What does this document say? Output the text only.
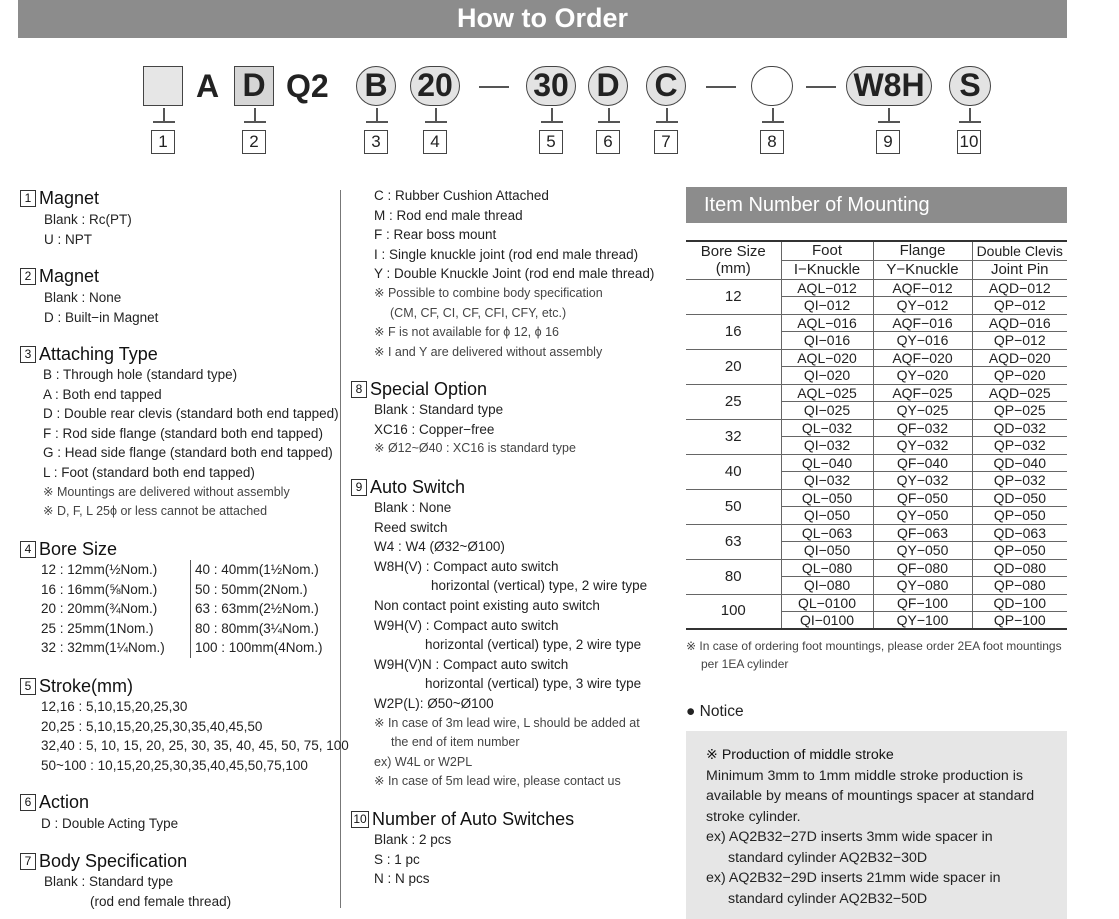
How to Order
A D Q2 B 20	30 D C	W8H	S
1	2	3	4	5	6	7	8	9	10
1 Magnet
Blank : Rc(PT)
U : NPT
2 Magnet
Blank : None
D : Built−in Magnet
3 Attaching Type
B : Through hole (standard type)
A : Both end tapped
D : Double rear clevis (standard both end tapped)
F : Rod side flange (standard both end tapped)
G : Head side flange (standard both end tapped)
L : Foot (standard both end tapped)
※ Mountings are delivered without assembly
※ D, F, L 25ϕ or less cannot be attached
4 Bore Size
12 : 12mm(½Nom.)
16 : 16mm(⅝Nom.)
20 : 20mm(¾Nom.)
25 : 25mm(1Nom.)
32 : 32mm(1¼Nom.)
40 : 40mm(1½Nom.)
50 : 50mm(2Nom.)
63 : 63mm(2½Nom.)
80 : 80mm(3¼Nom.)
100 : 100mm(4Nom.)
5 Stroke(mm)
12,16 : 5,10,15,20,25,30
20,25 : 5,10,15,20,25,30,35,40,45,50
32,40 : 5, 10, 15, 20, 25, 30, 35, 40, 45, 50, 75, 100
50~100 : 10,15,20,25,30,35,40,45,50,75,100
6 Action
D : Double Acting Type
7 Body Specification
Blank : Standard type
(rod end female thread)
C : Rubber Cushion Attached
M : Rod end male thread
F : Rear boss mount
I : Single knuckle joint (rod end male thread)
Y : Double Knuckle Joint (rod end male thread)
※ Possible to combine body specification
(CM, CF, CI, CF, CFI, CFY, etc.)
※ F is not available for ϕ 12, ϕ 16
※ I and Y are delivered without assembly
8 Special Option
Blank : Standard type
XC16 : Copper−free
※ Ø12~Ø40 : XC16 is standard type
9 Auto Switch
Blank : None
Reed switch
W4 : W4 (Ø32~Ø100)
W8H(V) : Compact auto switch
horizontal (vertical) type, 2 wire type
Non contact point existing auto switch
W9H(V) : Compact auto switch
horizontal (vertical) type, 2 wire type
W9H(V)N : Compact auto switch
horizontal (vertical) type, 3 wire type
W2P(L): Ø50~Ø100
※ In case of 3m lead wire, L should be added at
the end of item number
ex) W4L or W2PL
※ In case of 5m lead wire, please contact us
10 Number of Auto Switches
Blank : 2 pcs
S : 1 pc
N : N pcs
Item Number of Mounting
Bore Size (mm)	Foot	Flange	Double Clevis
	I−Knuckle	Y−Knuckle	Joint Pin
12	AQL−012	AQF−012	AQD−012
	QI−012	QY−012	QP−012
16	AQL−016	AQF−016	AQD−016
	QI−016	QY−016	QP−012
20	AQL−020	AQF−020	AQD−020
	QI−020	QY−020	QP−020
25	AQL−025	AQF−025	AQD−025
	QI−025	QY−025	QP−025
32	QL−032	QF−032	QD−032
	QI−032	QY−032	QP−032
40	QL−040	QF−040	QD−040
	QI−032	QY−032	QP−032
50	QL−050	QF−050	QD−050
	QI−050	QY−050	QP−050
63	QL−063	QF−063	QD−063
	QI−050	QY−050	QP−050
80	QL−080	QF−080	QD−080
	QI−080	QY−080	QP−080
100	QL−0100	QF−100	QD−100
	QI−0100	QY−100	QP−100
※ In case of ordering foot mountings, please order 2EA foot mountings
per 1EA cylinder
● Notice
※ Production of middle stroke
Minimum 3mm to 1mm middle stroke production is
available by means of mountings spacer at standard
stroke cylinder.
ex) AQ2B32−27D inserts 3mm wide spacer in
standard cylinder AQ2B32−30D
ex) AQ2B32−29D inserts 21mm wide spacer in
standard cylinder AQ2B32−50D
